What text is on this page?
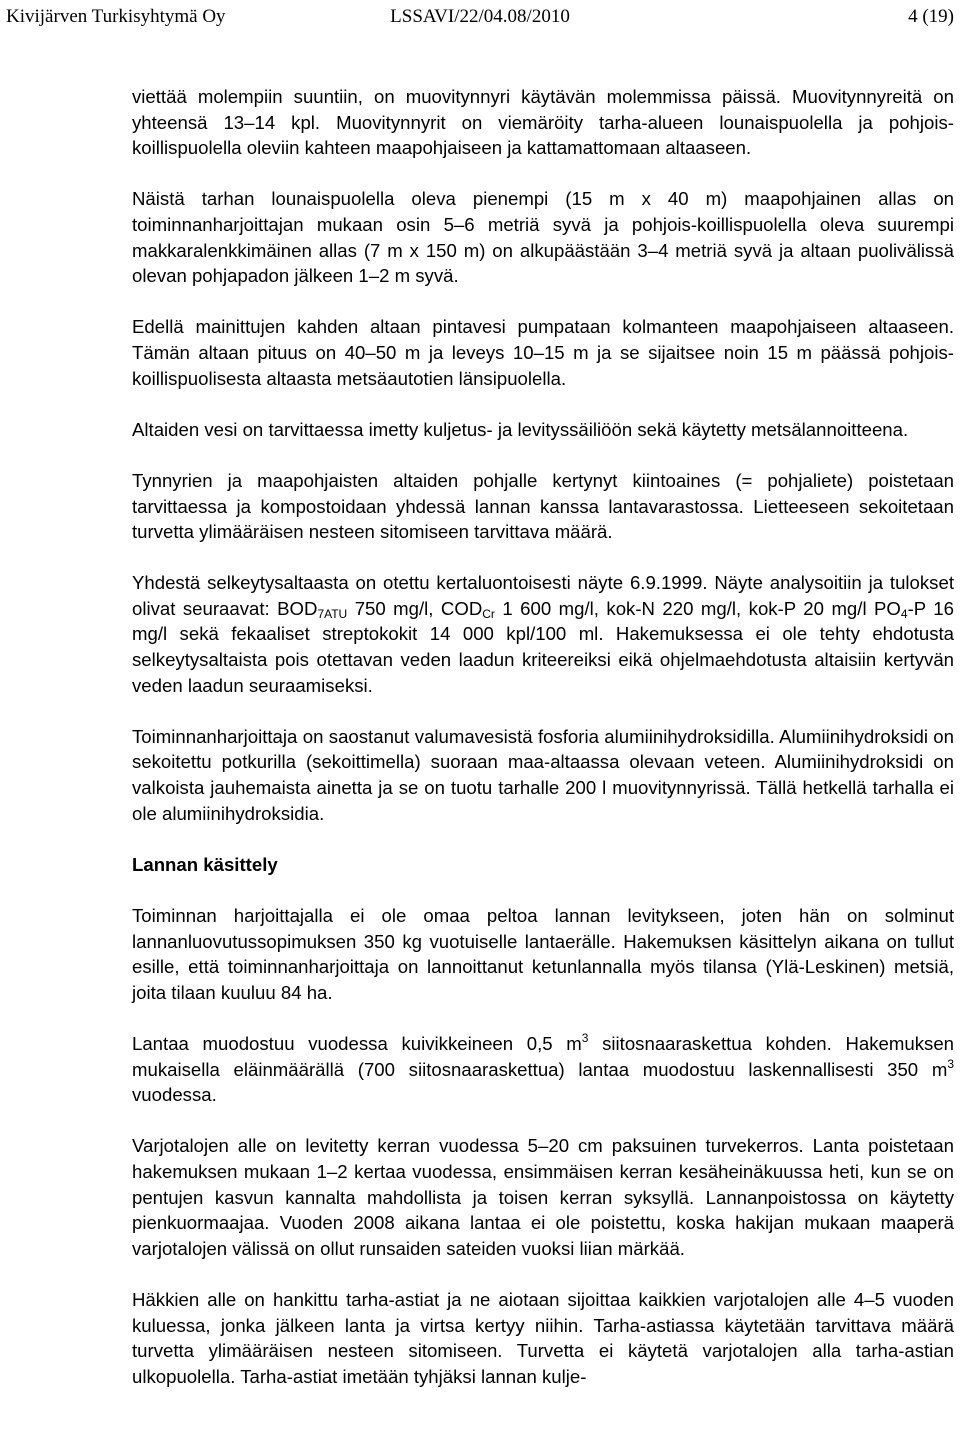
Kivijärven Turkisyhtymä Oy	LSSAVI/22/04.08/2010	4 (19)

viettää molempiin suuntiin, on muovitynnyri käytävän molemmissa päissä. Muovitynnyreitä on yhteensä 13–14 kpl. Muovitynnyrit on viemäröity tarha-alueen lounaispuolella ja pohjois-koillispuolella oleviin kahteen maapohjaiseen ja kattamattomaan altaaseen.

Näistä tarhan lounaispuolella oleva pienempi (15 m x 40 m) maapohjainen allas on toiminnanharjoittajan mukaan osin 5–6 metriä syvä ja pohjois-koillispuolella oleva suurempi makkaralenkkimäinen allas (7 m x 150 m) on alkupäästään 3–4 metriä syvä ja altaan puolivälissä olevan pohjapadon jälkeen 1–2 m syvä.

Edellä mainittujen kahden altaan pintavesi pumpataan kolmanteen maapohjaiseen altaaseen. Tämän altaan pituus on 40–50 m ja leveys 10–15 m ja se sijaitsee noin 15 m päässä pohjois-koillispuolisesta altaasta metsäautotien länsipuolella.

Altaiden vesi on tarvittaessa imetty kuljetus- ja levityssäiliöön sekä käytetty metsälannoitteena.

Tynnyrien ja maapohjaisten altaiden pohjalle kertynyt kiintoaines (= pohjaliete) poistetaan tarvittaessa ja kompostoidaan yhdessä lannan kanssa lantavarastossa. Lietteeseen sekoitetaan turvetta ylimääräisen nesteen sitomiseen tarvittava määrä.

Yhdestä selkeytysaltaasta on otettu kertaluontoisesti näyte 6.9.1999. Näyte analysoitiin ja tulokset olivat seuraavat: $BOD_{7ATU}$ 750 mg/l, $COD_{Cr}$ 1 600 mg/l, kok-N 220 mg/l, kok-P 20 mg/l $PO_4-P$ 16 mg/l sekä fekaaliset streptokokit 14 000 kpl/100 ml. Hakemuksessa ei ole tehty ehdotusta selkeytysaltaista pois otettavan veden laadun kriteereiksi eikä ohjelmaehdotusta altaisiin kertyvän veden laadun seuraamiseksi.

Toiminnanharjoittaja on saostanut valumavesistä fosforia alumiinihydroksidilla. Alumiinihydroksidi on sekoitettu potkurilla (sekoittimella) suoraan maa-altaassa olevaan veteen. Alumiinihydroksidi on valkoista jauhemaista ainetta ja se on tuotu tarhalle 200 l muovitynnyrissä. Tällä hetkellä tarhalla ei ole alumiinihydroksidia.

Lannan käsittely

Toiminnan harjoittajalla ei ole omaa peltoa lannan levitykseen, joten hän on solminut lannanluovutussopimuksen 350 kg vuotuiselle lantaerälle. Hakemuksen käsittelyn aikana on tullut esille, että toiminnanharjoittaja on lannoittanut ketunlannalla myös tilansa (Ylä-Leskinen) metsiä, joita tilaan kuuluu 84 ha.

Lantaa muodostuu vuodessa kuivikkeineen 0,5 $m^3$ siitosnaaraskettua kohden. Hakemuksen mukaisella eläinmäärällä (700 siitosnaaraskettua) lantaa muodostuu laskennallisesti 350 $m^3$ vuodessa.

Varjotalojen alle on levitetty kerran vuodessa 5–20 cm paksuinen turvekerros. Lanta poistetaan hakemuksen mukaan 1–2 kertaa vuodessa, ensimmäisen kerran kesäheinäkuussa heti, kun se on pentujen kasvun kannalta mahdollista ja toisen kerran syksyllä. Lannanpoistossa on käytetty pienkuormaajaa. Vuoden 2008 aikana lantaa ei ole poistettu, koska hakijan mukaan maaperä varjotalojen välissä on ollut runsaiden sateiden vuoksi liian märkää.

Häkkien alle on hankittu tarha-astiat ja ne aiotaan sijoittaa kaikkien varjotalojen alle 4–5 vuoden kuluessa, jonka jälkeen lanta ja virtsa kertyy niihin. Tarha-astiassa käytetään tarvittava määrä turvetta ylimääräisen nesteen sitomiseen. Turvetta ei käytetä varjotalojen alla tarha-astian ulkopuolella. Tarha-astiat imetään tyhjäksi lannan kulje-
